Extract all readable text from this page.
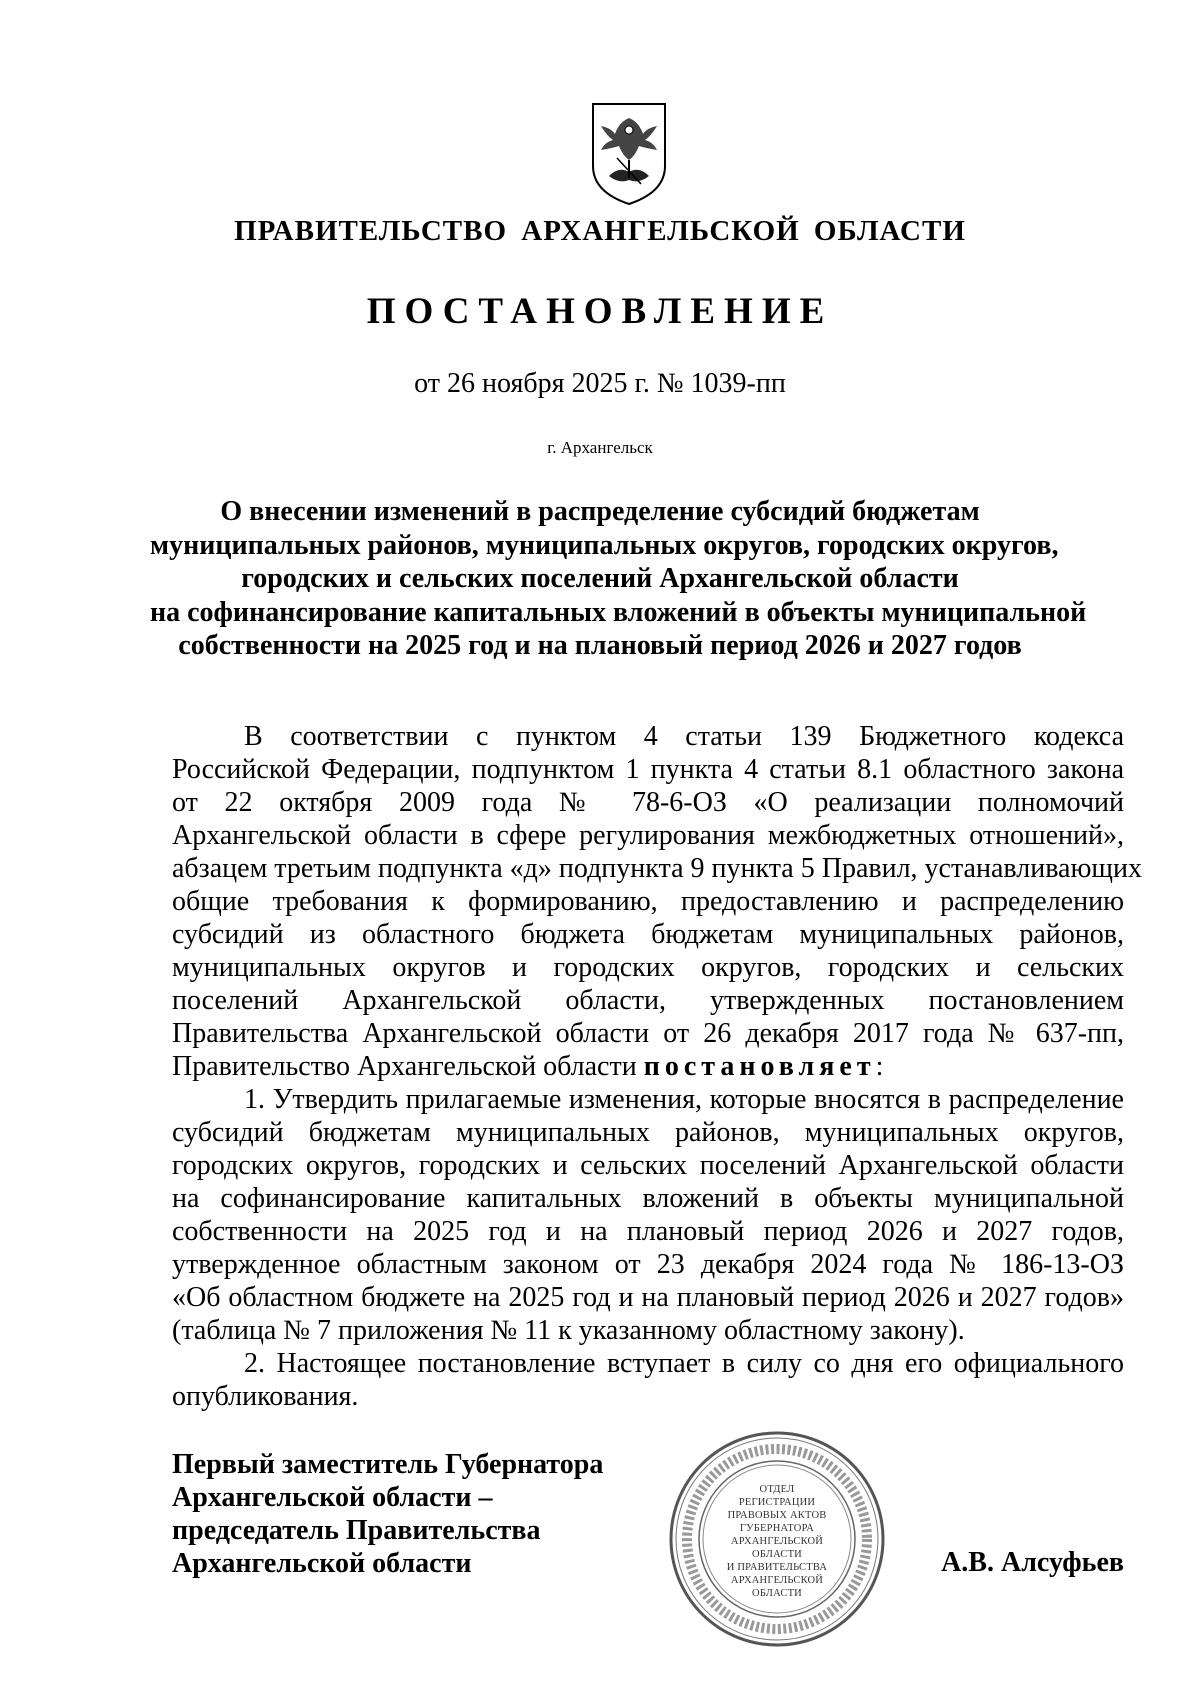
ПРАВИТЕЛЬСТВО АРХАНГЕЛЬСКОЙ ОБЛАСТИ
ПОСТАНОВЛЕНИЕ
от 26 ноября 2025 г. № 1039-пп
г. Архангельск
О внесении изменений в распределение субсидий бюджетам
муниципальных районов, муниципальных округов, городских округов,
городских и сельских поселений Архангельской области
на софинансирование капитальных вложений в объекты муниципальной
собственности на 2025 год и на плановый период 2026 и 2027 годов
В соответствии с пунктом 4 статьи 139 Бюджетного кодекса
Российской Федерации, подпунктом 1 пункта 4 статьи 8.1 областного закона
от 22 октября 2009 года № 78-6-ОЗ «О реализации полномочий
Архангельской области в сфере регулирования межбюджетных отношений»,
абзацем третьим подпункта «д» подпункта 9 пункта 5 Правил, устанавливающих
общие требования к формированию, предоставлению и распределению
субсидий из областного бюджета бюджетам муниципальных районов,
муниципальных округов и городских округов, городских и сельских
поселений Архангельской области, утвержденных постановлением
Правительства Архангельской области от 26 декабря 2017 года № 637-пп,
Правительство Архангельской области постановляет:
1. Утвердить прилагаемые изменения, которые вносятся в распределение
субсидий бюджетам муниципальных районов, муниципальных округов,
городских округов, городских и сельских поселений Архангельской области
на софинансирование капитальных вложений в объекты муниципальной
собственности на 2025 год и на плановый период 2026 и 2027 годов,
утвержденное областным законом от 23 декабря 2024 года № 186-13-ОЗ
«Об областном бюджете на 2025 год и на плановый период 2026 и 2027 годов»
(таблица № 7 приложения № 11 к указанному областному закону).
2. Настоящее постановление вступает в силу со дня его официального
опубликования.
Первый заместитель Губернатора
Архангельской области –
председатель Правительства
Архангельской области	А.В. Алсуфьев
ОТДЕЛ
РЕГИСТРАЦИИ
ПРАВОВЫХ АКТОВ
ГУБЕРНАТОРА
АРХАНГЕЛЬСКОЙ
ОБЛАСТИ
И ПРАВИТЕЛЬСТВА
АРХАНГЕЛЬСКОЙ
ОБЛАСТИ
